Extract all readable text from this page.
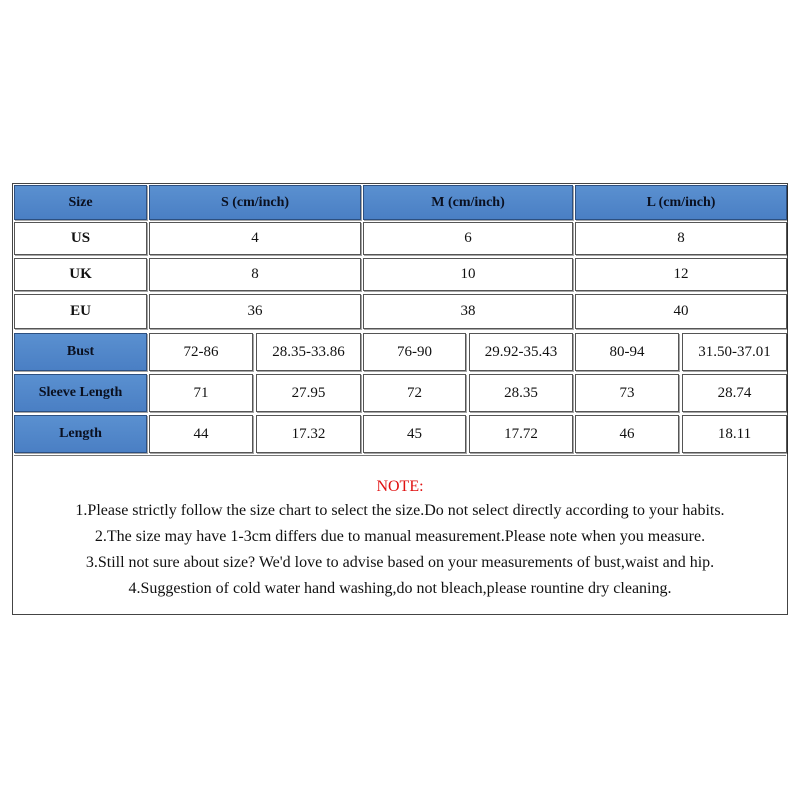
Size	S (cm/inch)	M (cm/inch)	L (cm/inch)
US	4	6	8
UK	8	10	12
EU	36	38	40
Bust	72-86	28.35-33.86	76-90	29.92-35.43	80-94	31.50-37.01
Sleeve Length	71	27.95	72	28.35	73	28.74
Length	44	17.32	45	17.72	46	18.11
NOTE:
1.Please strictly follow the size chart to select the size.Do not select directly according to your habits.
2.The size may have 1-3cm differs due to manual measurement.Please note when you measure.
3.Still not sure about size? We'd love to advise based on your measurements of bust,waist and hip.
4.Suggestion of cold water hand washing,do not bleach,please rountine dry cleaning.
